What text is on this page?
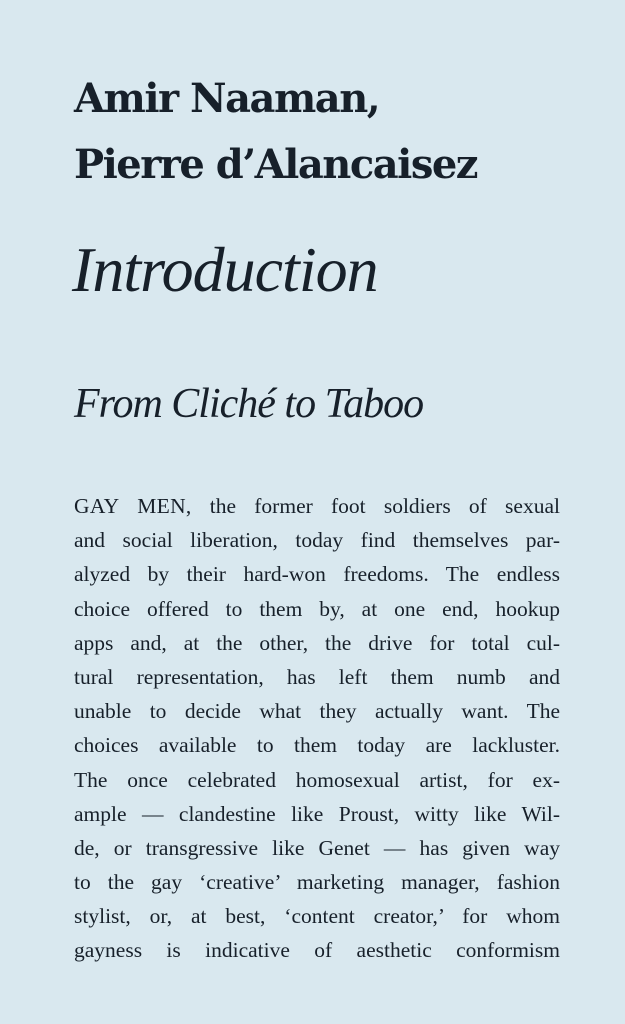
Amir Naaman,
Pierre d’Alancaisez
Introduction
From Cliché to Taboo
GAY MEN, the former foot soldiers of sexual
and social liberation, today find themselves par-
alyzed by their hard-won freedoms. The endless
choice offered to them by, at one end, hookup
apps and, at the other, the drive for total cul-
tural representation, has left them numb and
unable to decide what they actually want. The
choices available to them today are lackluster.
The once celebrated homosexual artist, for ex-
ample — clandestine like Proust, witty like Wil-
de, or transgressive like Genet — has given way
to the gay ‘creative’ marketing manager, fashion
stylist, or, at best, ‘content creator,’ for whom
gayness is indicative of aesthetic conformism
